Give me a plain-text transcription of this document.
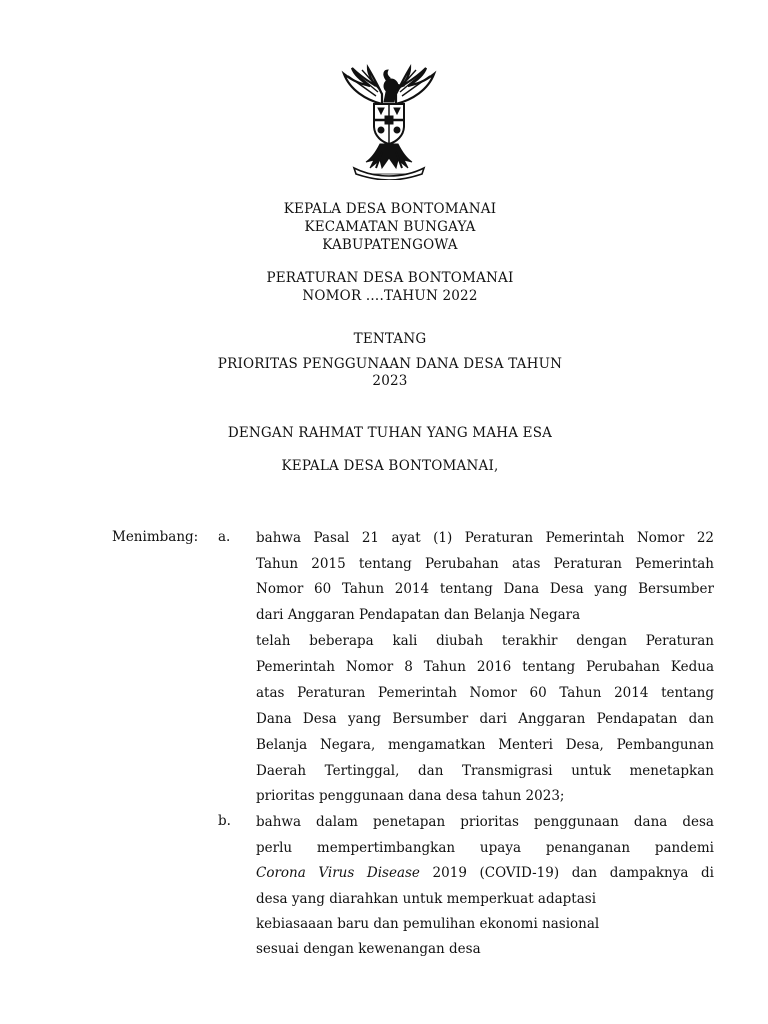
KEPALA DESA BONTOMANAI
KECAMATAN BUNGAYA
KABUPATENGOWA
PERATURAN DESA BONTOMANAI
NOMOR ….TAHUN 2022
TENTANG
PRIORITAS PENGGUNAAN DANA DESA TAHUN
2023
DENGAN RAHMAT TUHAN YANG MAHA ESA
KEPALA DESA BONTOMANAI,
Menimbang: a. bahwa Pasal 21 ayat (1) Peraturan Pemerintah Nomor 22
Tahun 2015 tentang Perubahan atas Peraturan Pemerintah
Nomor 60 Tahun 2014 tentang Dana Desa yang Bersumber
dari Anggaran Pendapatan dan Belanja Negara
telah beberapa kali diubah terakhir dengan Peraturan
Pemerintah Nomor 8 Tahun 2016 tentang Perubahan Kedua
atas Peraturan Pemerintah Nomor 60 Tahun 2014 tentang
Dana Desa yang Bersumber dari Anggaran Pendapatan dan
Belanja Negara, mengamatkan Menteri Desa, Pembangunan
Daerah Tertinggal, dan Transmigrasi untuk menetapkan
prioritas penggunaan dana desa tahun 2023;
b. bahwa dalam penetapan prioritas penggunaan dana desa
perlu mempertimbangkan upaya penanganan pandemi
Corona Virus Disease 2019 (COVID-19) dan dampaknya di
desa yang diarahkan untuk memperkuat adaptasi
kebiasaaan baru dan pemulihan ekonomi nasional
sesuai dengan kewenangan desa
